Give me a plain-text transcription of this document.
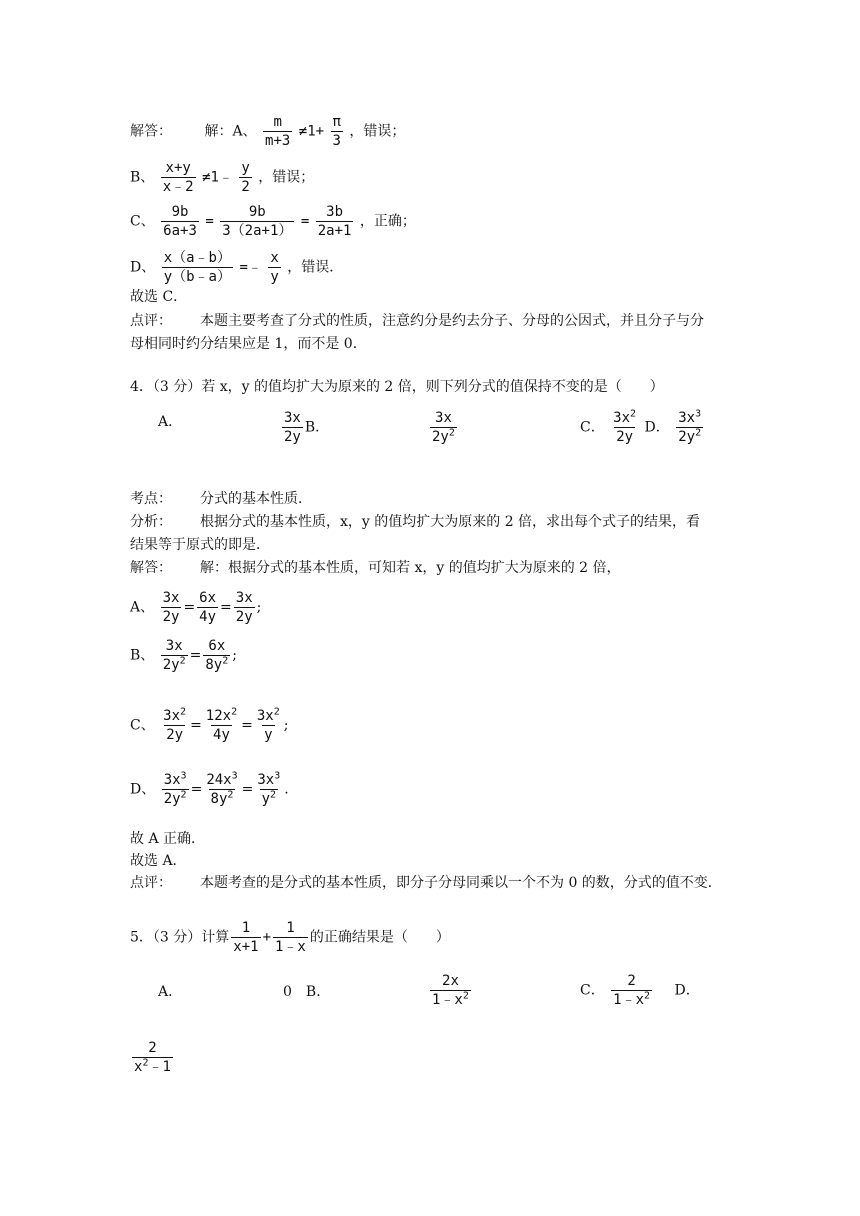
解答： 解：A、 $\frac{m}{m+3} \ne 1+ \frac{\pi}{3}$ ，错误；
B、 $\frac{x+y}{x﹣2}$ ≠1﹣ $\frac{y}{2}$ ，错误；
C、 $\frac{9b}{6a+3} = \frac{9b}{3(2a+1)} = \frac{3b}{2a+1}$ ，正确；
D、 $\frac{x(a﹣b)}{y(b﹣a)}$ =﹣ $\frac{x}{y}$ ，错误．
故选 C．
点评： 本题主要考查了分式的性质，注意约分是约去分子、分母的公因式，并且分子与分
母相同时约分结果应是 1，而不是 0．
4．（3 分）若 x，y 的值均扩大为原来的 2 倍，则下列分式的值保持不变的是（　　）
A．	$\frac{3x}{2y}$ B．	$\frac{3x}{2y^2}$	C． $\frac{3x^2}{2y}$ D． $\frac{3x^3}{2y^2}$
考点： 分式的基本性质．
分析： 根据分式的基本性质，x，y 的值均扩大为原来的 2 倍，求出每个式子的结果，看
结果等于原式的即是．
解答： 解：根据分式的基本性质，可知若 x，y 的值均扩大为原来的 2 倍，
A、 $\frac{3x}{2y} = \frac{6x}{4y} = \frac{3x}{2y}$ ;
B、 $\frac{3x}{2y^2} = \frac{6x}{8y^2}$ ;
C、 $\frac{3x^2}{2y} = \frac{12x^2}{4y} = \frac{3x^2}{y}$ ;
D、 $\frac{3x^3}{2y^2} = \frac{24x^3}{8y^2} = \frac{3x^3}{y^2}$ .
故 A 正确．
故选 A．
点评： 本题考查的是分式的基本性质，即分子分母同乘以一个不为 0 的数，分式的值不变．
5．（3 分）计算 $\frac{1}{x+1} + \frac{1}{1﹣x}$ 的正确结果是（　　）
A．	0 B．	$\frac{2x}{1﹣x^2}$	C． $\frac{2}{1﹣x^2}$ D．
$\frac{2}{x^2﹣1}$
